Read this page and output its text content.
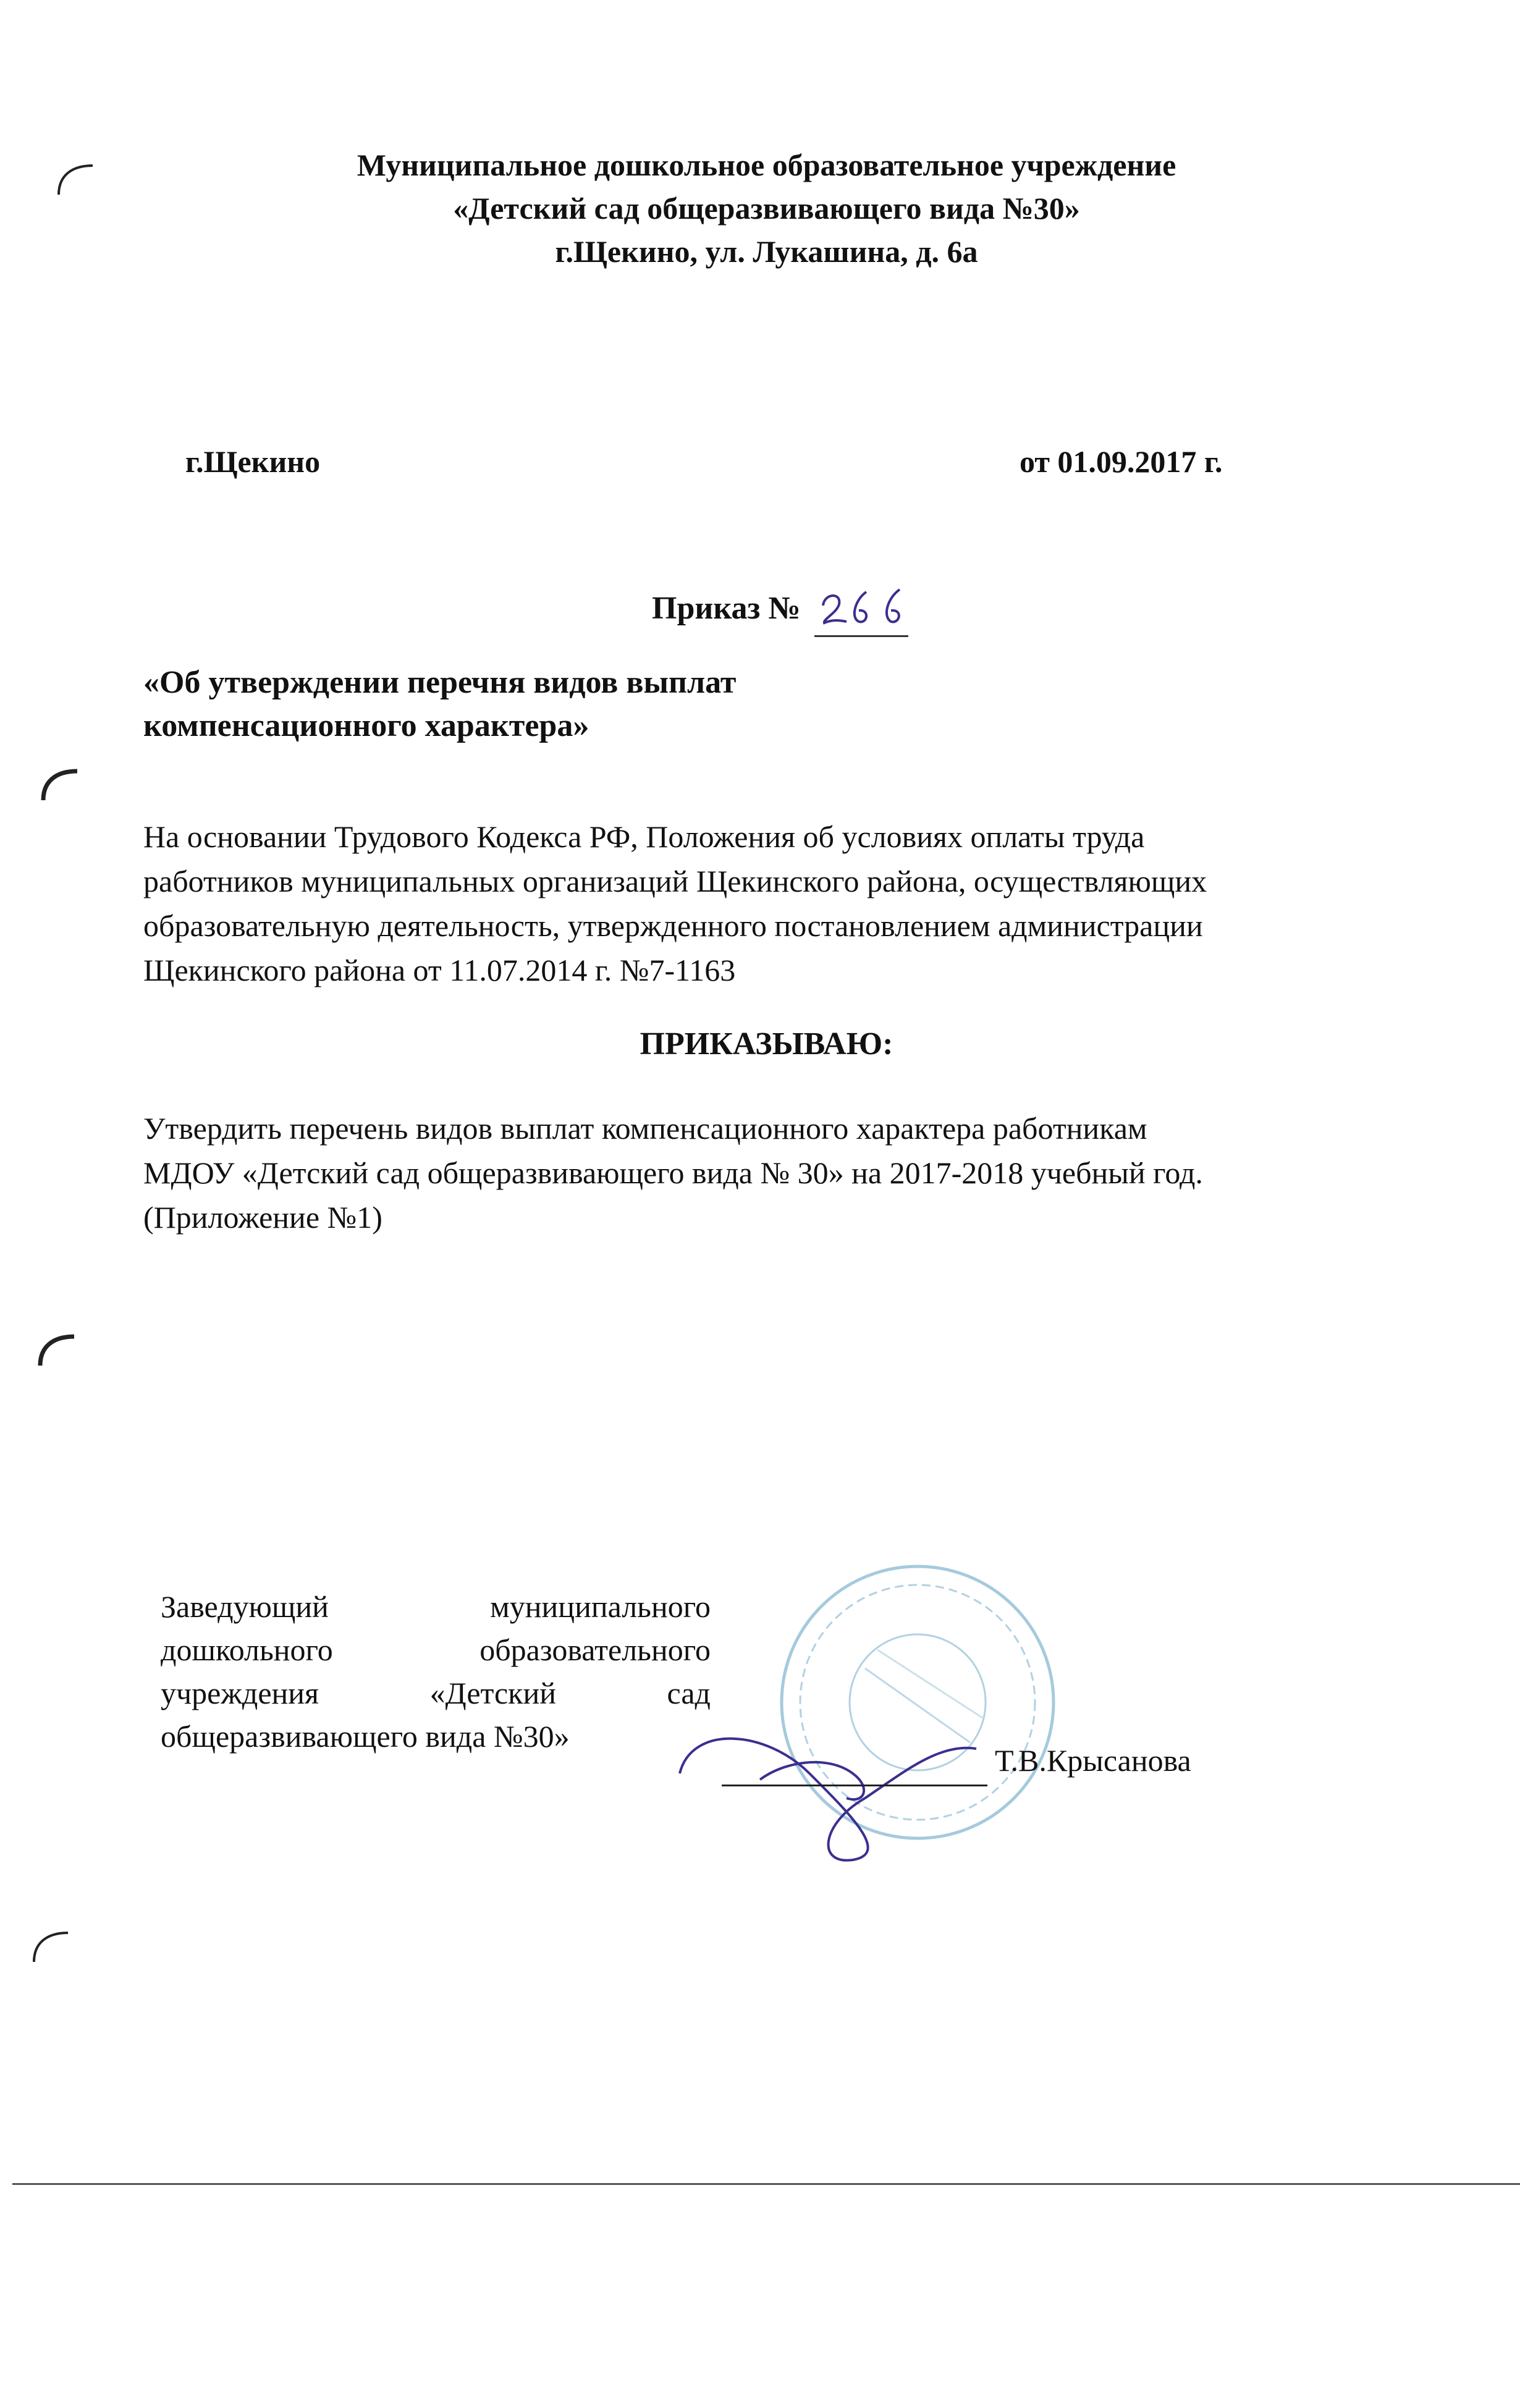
Муниципальное дошкольное образовательное учреждение
«Детский сад общеразвивающего вида №30»
г.Щекино, ул. Лукашина, д. 6а
г.Щекино	от 01.09.2017 г.
Приказ №
«Об утверждении перечня видов выплат
компенсационного характера»
На основании Трудового Кодекса РФ, Положения об условиях оплаты труда
работников муниципальных организаций Щекинского района, осуществляющих
образовательную деятельность, утвержденного постановлением администрации
Щекинского района от 11.07.2014 г. №7-1163
ПРИКАЗЫВАЮ:
Утвердить перечень видов выплат компенсационного характера работникам
МДОУ «Детский сад общеразвивающего вида № 30» на 2017-2018 учебный год.
(Приложение №1)
Заведующий муниципального
дошкольного образовательного
учреждения «Детский сад
общеразвивающего вида №30»
Т.В.Крысанова
